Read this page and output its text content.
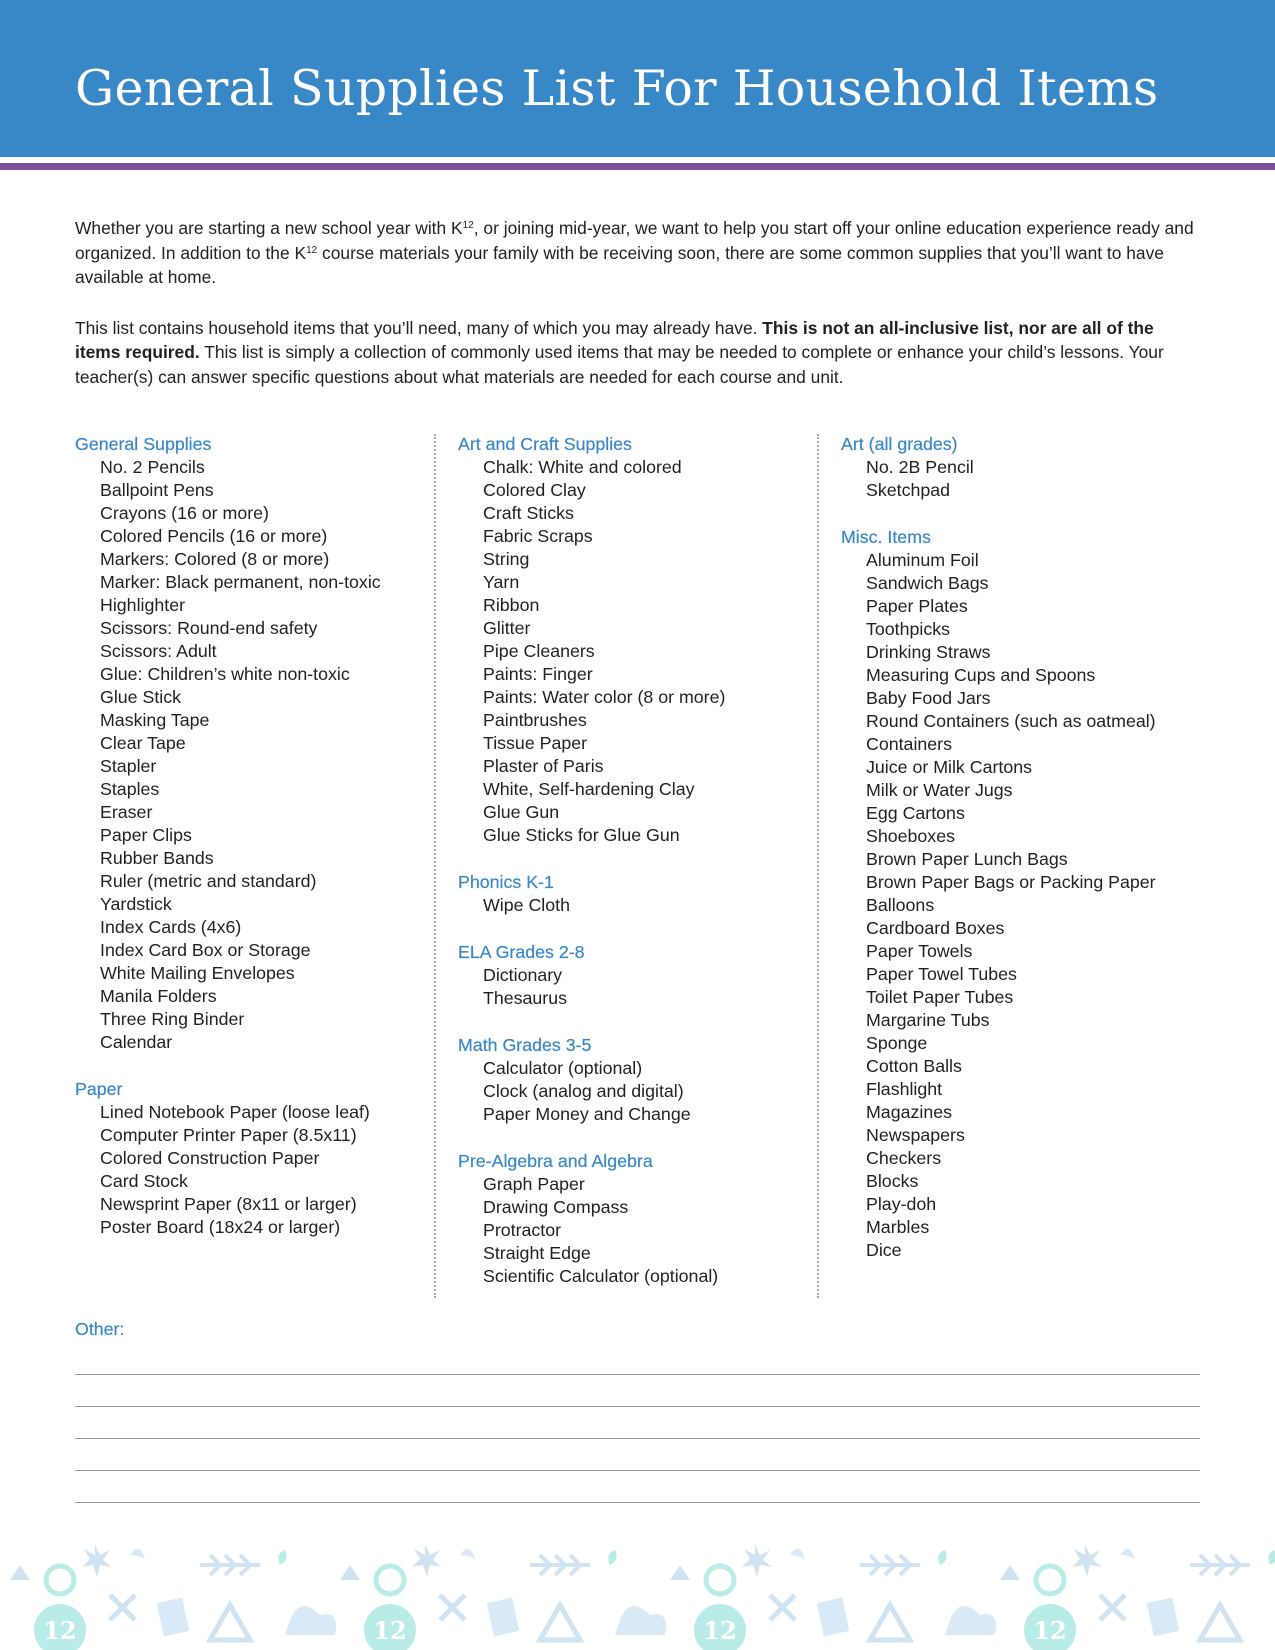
General Supplies List For Household Items

Whether you are starting a new school year with $K^{12}$, or joining mid-year, we want to help you start off your online education experience ready and organized. In addition to the $K^{12}$ course materials your family with be receiving soon, there are some common supplies that you’ll want to have available at home.

This list contains household items that you’ll need, many of which you may already have. This is not an all-inclusive list, nor are all of the items required. This list is simply a collection of commonly used items that may be needed to complete or enhance your child’s lessons. Your teacher(s) can answer specific questions about what materials are needed for each course and unit.

General Supplies
No. 2 Pencils
Ballpoint Pens
Crayons (16 or more)
Colored Pencils (16 or more)
Markers: Colored (8 or more)
Marker: Black permanent, non-toxic
Highlighter
Scissors: Round-end safety
Scissors: Adult
Glue: Children’s white non-toxic
Glue Stick
Masking Tape
Clear Tape
Stapler
Staples
Eraser
Paper Clips
Rubber Bands
Ruler (metric and standard)
Yardstick
Index Cards (4x6)
Index Card Box or Storage
White Mailing Envelopes
Manila Folders
Three Ring Binder
Calendar
Paper
Lined Notebook Paper (loose leaf)
Computer Printer Paper (8.5x11)
Colored Construction Paper
Card Stock
Newsprint Paper (8x11 or larger)
Poster Board (18x24 or larger)
Art and Craft Supplies
Chalk: White and colored
Colored Clay
Craft Sticks
Fabric Scraps
String
Yarn
Ribbon
Glitter
Pipe Cleaners
Paints: Finger
Paints: Water color (8 or more)
Paintbrushes
Tissue Paper
Plaster of Paris
White, Self-hardening Clay
Glue Gun
Glue Sticks for Glue Gun
Phonics K-1
Wipe Cloth
ELA Grades 2-8
Dictionary
Thesaurus
Math Grades 3-5
Calculator (optional)
Clock (analog and digital)
Paper Money and Change
Pre-Algebra and Algebra
Graph Paper
Drawing Compass
Protractor
Straight Edge
Scientific Calculator (optional)
Art (all grades)
No. 2B Pencil
Sketchpad
Misc. Items
Aluminum Foil
Sandwich Bags
Paper Plates
Toothpicks
Drinking Straws
Measuring Cups and Spoons
Baby Food Jars
Round Containers (such as oatmeal)
Containers
Juice or Milk Cartons
Milk or Water Jugs
Egg Cartons
Shoeboxes
Brown Paper Lunch Bags
Brown Paper Bags or Packing Paper
Balloons
Cardboard Boxes
Paper Towels
Paper Towel Tubes
Toilet Paper Tubes
Margarine Tubs
Sponge
Cotton Balls
Flashlight
Magazines
Newspapers
Checkers
Blocks
Play-doh
Marbles
Dice
Other:
12
